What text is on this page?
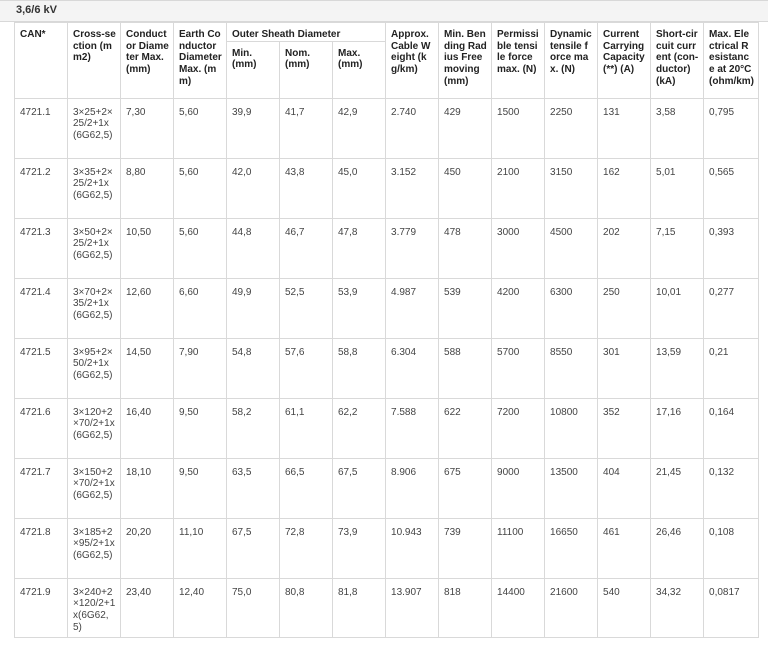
3,6/6 kV
CAN*	Cross-section (mm2)	Conductor Diameter Max. (mm)	Earth Conductor Diameter Max. (mm)	Outer Sheath Diameter			Approx. Cable Weight (kg/km)	Min. Bending Radius Free moving (mm)	Permissible tensile force max. (N)	Dynamic tensile force max. (N)	Current Carrying Capacity (**) (A)	Short-circuit current (con-ductor) (kA)	Max. Electrical Resistance at 20°C (ohm/km)
				Min. (mm)	Nom. (mm)	Max. (mm)							
4721.1	3×25+2×25/2+1x(6G62,5)	7,30	5,60	39,9	41,7	42,9	2.740	429	1500	2250	131	3,58	0,795
4721.2	3×35+2×25/2+1x(6G62,5)	8,80	5,60	42,0	43,8	45,0	3.152	450	2100	3150	162	5,01	0,565
4721.3	3×50+2×25/2+1x(6G62,5)	10,50	5,60	44,8	46,7	47,8	3.779	478	3000	4500	202	7,15	0,393
4721.4	3×70+2×35/2+1x(6G62,5)	12,60	6,60	49,9	52,5	53,9	4.987	539	4200	6300	250	10,01	0,277
4721.5	3×95+2×50/2+1x(6G62,5)	14,50	7,90	54,8	57,6	58,8	6.304	588	5700	8550	301	13,59	0,21
4721.6	3×120+2×70/2+1x(6G62,5)	16,40	9,50	58,2	61,1	62,2	7.588	622	7200	10800	352	17,16	0,164
4721.7	3×150+2×70/2+1x(6G62,5)	18,10	9,50	63,5	66,5	67,5	8.906	675	9000	13500	404	21,45	0,132
4721.8	3×185+2×95/2+1x(6G62,5)	20,20	11,10	67,5	72,8	73,9	10.943	739	11100	16650	461	26,46	0,108
4721.9	3×240+2×120/2+1x(6G62,5)	23,40	12,40	75,0	80,8	81,8	13.907	818	14400	21600	540	34,32	0,0817
